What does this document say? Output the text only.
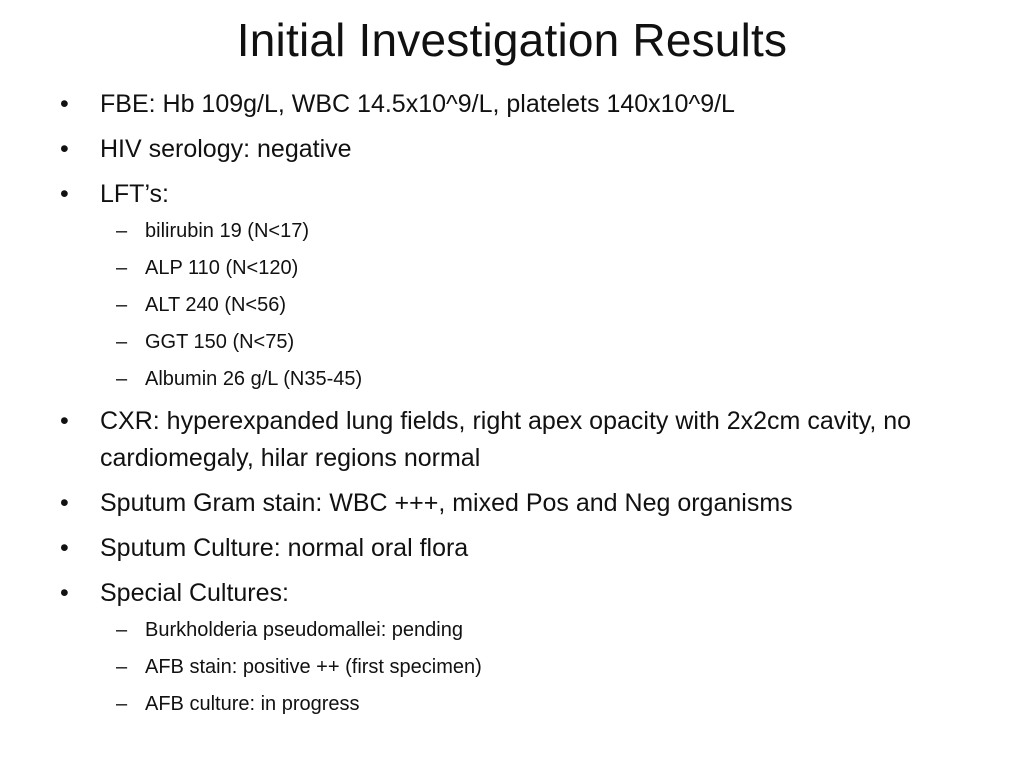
Initial Investigation Results
•	FBE: Hb 109g/L, WBC 14.5x10^9/L, platelets 140x10^9/L
•	HIV serology: negative
•	LFT’s:
– bilirubin 19 (N<17)
– ALP 110 (N<120)
– ALT 240 (N<56)
– GGT 150 (N<75)
– Albumin 26 g/L (N35-45)
•	CXR: hyperexpanded lung fields, right apex opacity with 2x2cm cavity, no cardiomegaly, hilar regions normal
•	Sputum Gram stain: WBC +++, mixed Pos and Neg organisms
•	Sputum Culture: normal oral flora
•	Special Cultures:
– Burkholderia pseudomallei: pending
– AFB stain: positive ++ (first specimen)
– AFB culture: in progress
